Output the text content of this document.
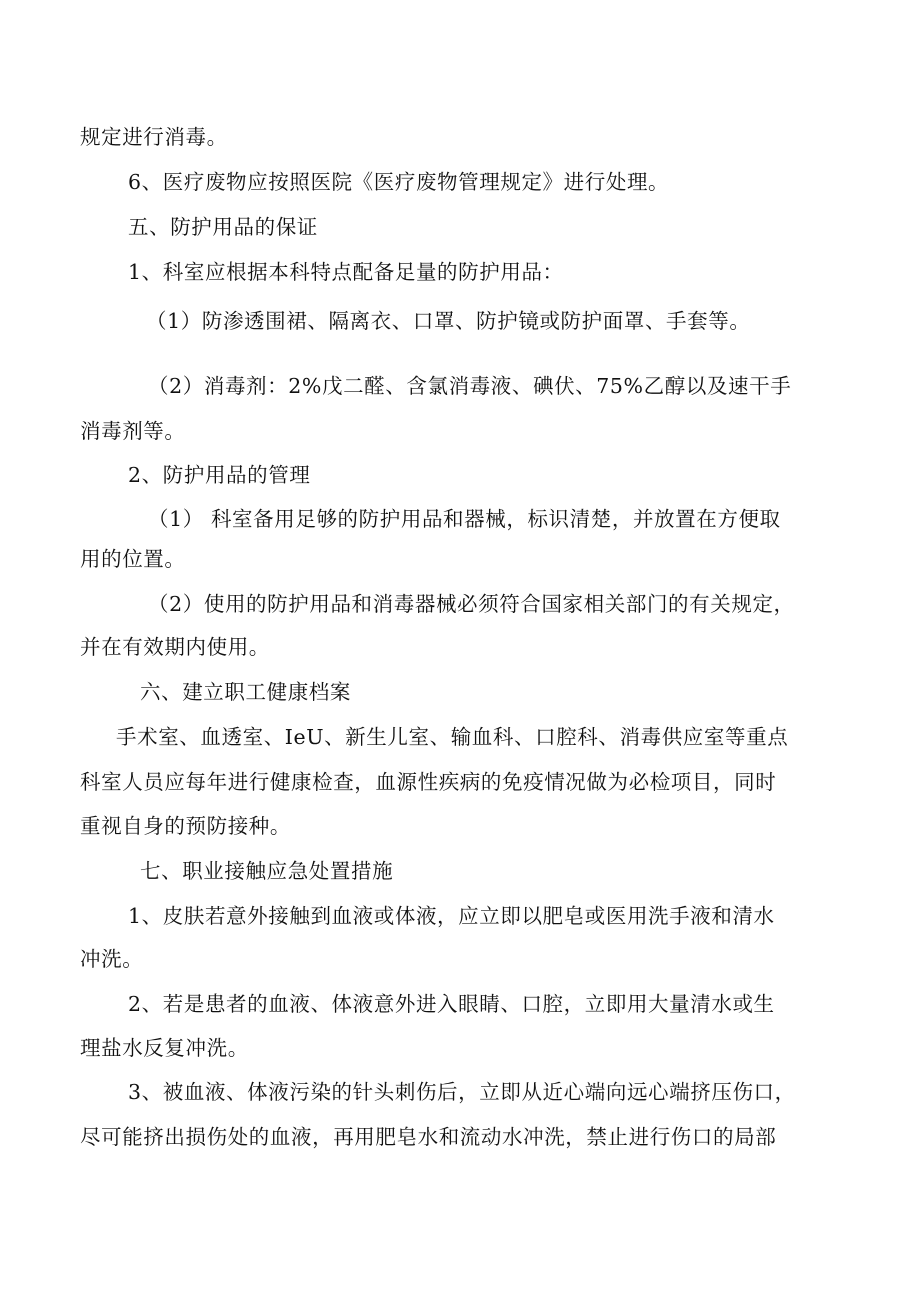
规定进行消毒。
6、医疗废物应按照医院《医疗废物管理规定》进行处理。
五、防护用品的保证
1、科室应根据本科特点配备足量的防护用品：
（1）防渗透围裙、隔离衣、口罩、防护镜或防护面罩、手套等。
（2）消毒剂：2%戊二醛、含氯消毒液、碘伏、75%乙醇以及速干手
消毒剂等。
2、防护用品的管理
（1） 科室备用足够的防护用品和器械，标识清楚，并放置在方便取
用的位置。
（2）使用的防护用品和消毒器械必须符合国家相关部门的有关规定，
并在有效期内使用。
六、建立职工健康档案
手术室、血透室、IeU、新生儿室、输血科、口腔科、消毒供应室等重点
科室人员应每年进行健康检查，血源性疾病的免疫情况做为必检项目，同时
重视自身的预防接种。
七、职业接触应急处置措施
1、皮肤若意外接触到血液或体液，应立即以肥皂或医用洗手液和清水
冲洗。
2、若是患者的血液、体液意外进入眼睛、口腔，立即用大量清水或生
理盐水反复冲洗。
3、被血液、体液污染的针头刺伤后，立即从近心端向远心端挤压伤口，
尽可能挤出损伤处的血液，再用肥皂水和流动水冲洗，禁止进行伤口的局部
